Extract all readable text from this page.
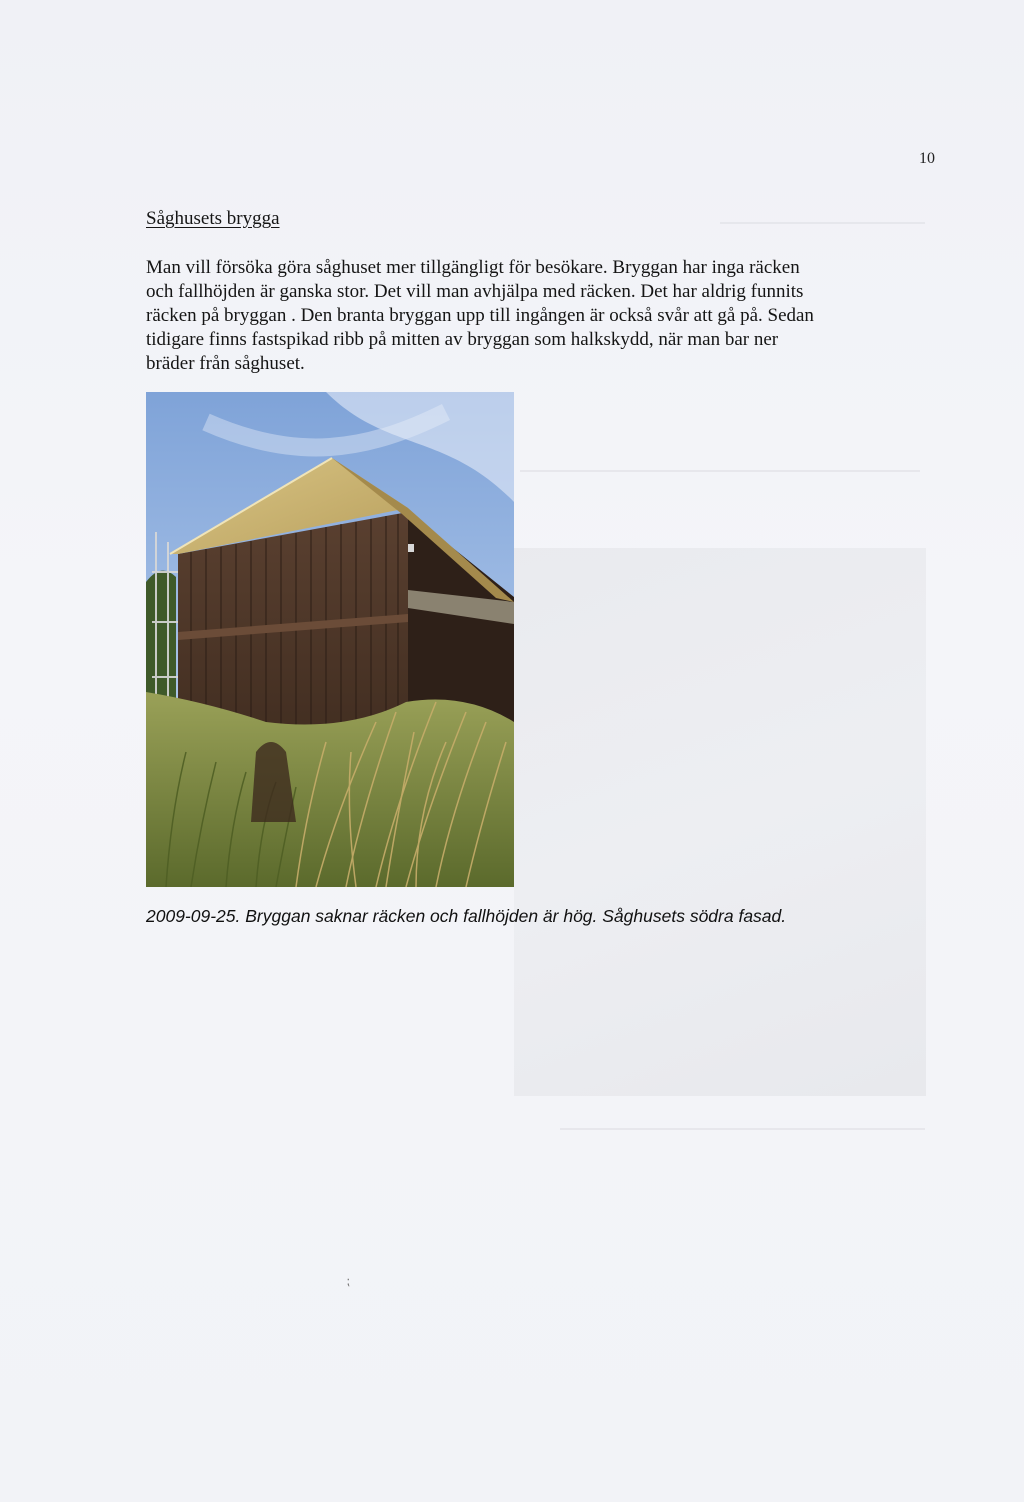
10
Såghusets brygga

Man vill försöka göra såghuset mer tillgängligt för besökare. Bryggan har inga räcken

och fallhöjden är ganska stor. Det vill man avhjälpa med räcken. Det har aldrig funnits

räcken på bryggan . Den branta bryggan upp till ingången är också svår att gå på. Sedan

tidigare finns fastspikad ribb på mitten av bryggan som halkskydd, när man bar ner

bräder från såghuset.

2009-09-25. Bryggan saknar räcken och fallhöjden är hög. Såghusets södra fasad.
⁏
